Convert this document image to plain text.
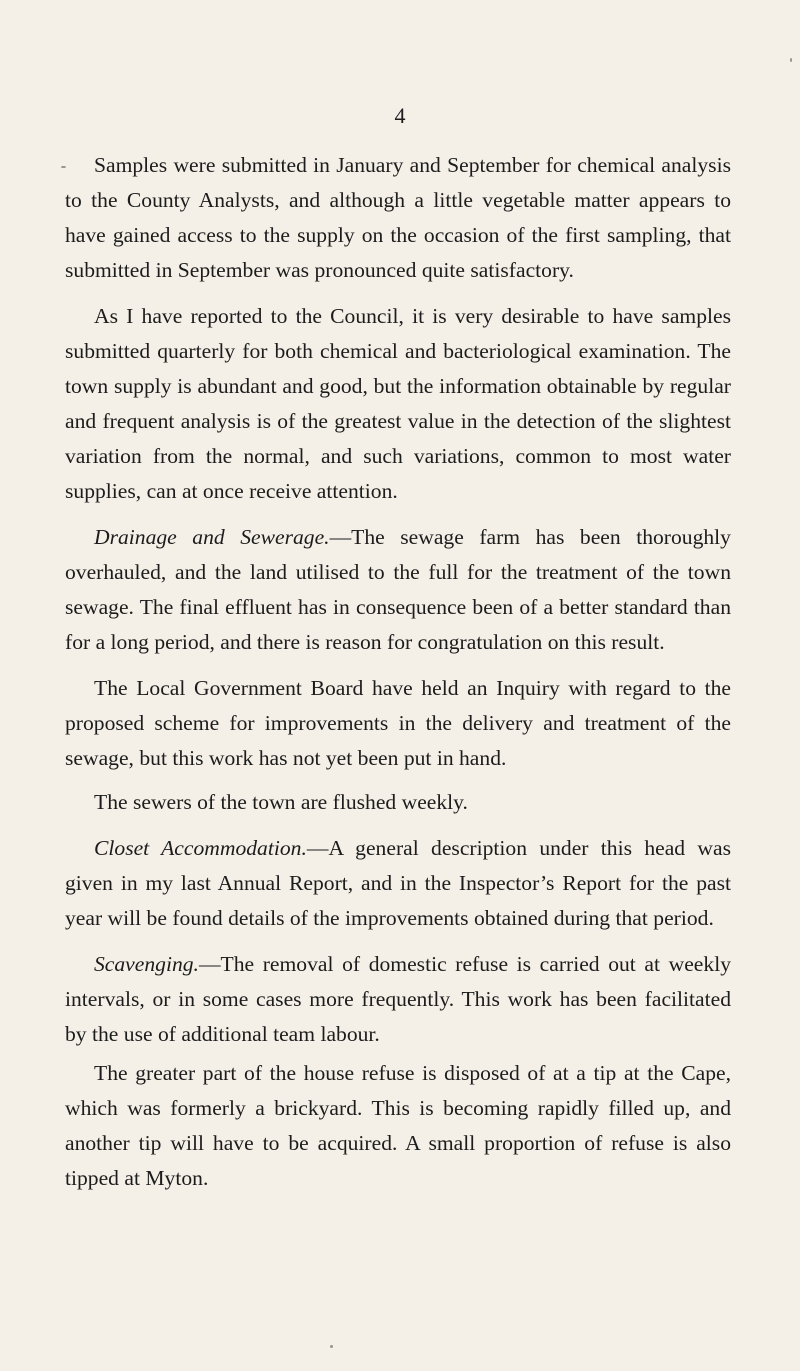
4

Samples were submitted in January and September for chemical analysis to the County Analysts, and although a little vegetable matter appears to have gained access to the supply on the occasion of the first sampling, that submitted in September was pronounced quite satisfactory.

As I have reported to the Council, it is very desirable to have samples submitted quarterly for both chemical and bacteriological examination. The town supply is abundant and good, but the information obtainable by regular and frequent analysis is of the greatest value in the detection of the slightest variation from the normal, and such variations, common to most water supplies, can at once receive attention.

Drainage and Sewerage.—The sewage farm has been thoroughly overhauled, and the land utilised to the full for the treatment of the town sewage. The final effluent has in consequence been of a better standard than for a long period, and there is reason for congratulation on this result.

The Local Government Board have held an Inquiry with regard to the proposed scheme for improvements in the delivery and treatment of the sewage, but this work has not yet been put in hand.

The sewers of the town are flushed weekly.

Closet Accommodation.—A general description under this head was given in my last Annual Report, and in the Inspector’s Report for the past year will be found details of the improvements obtained during that period.

Scavenging.—The removal of domestic refuse is carried out at weekly intervals, or in some cases more frequently. This work has been facilitated by the use of additional team labour.

The greater part of the house refuse is disposed of at a tip at the Cape, which was formerly a brickyard. This is becoming rapidly filled up, and another tip will have to be acquired. A small proportion of refuse is also tipped at Myton.
